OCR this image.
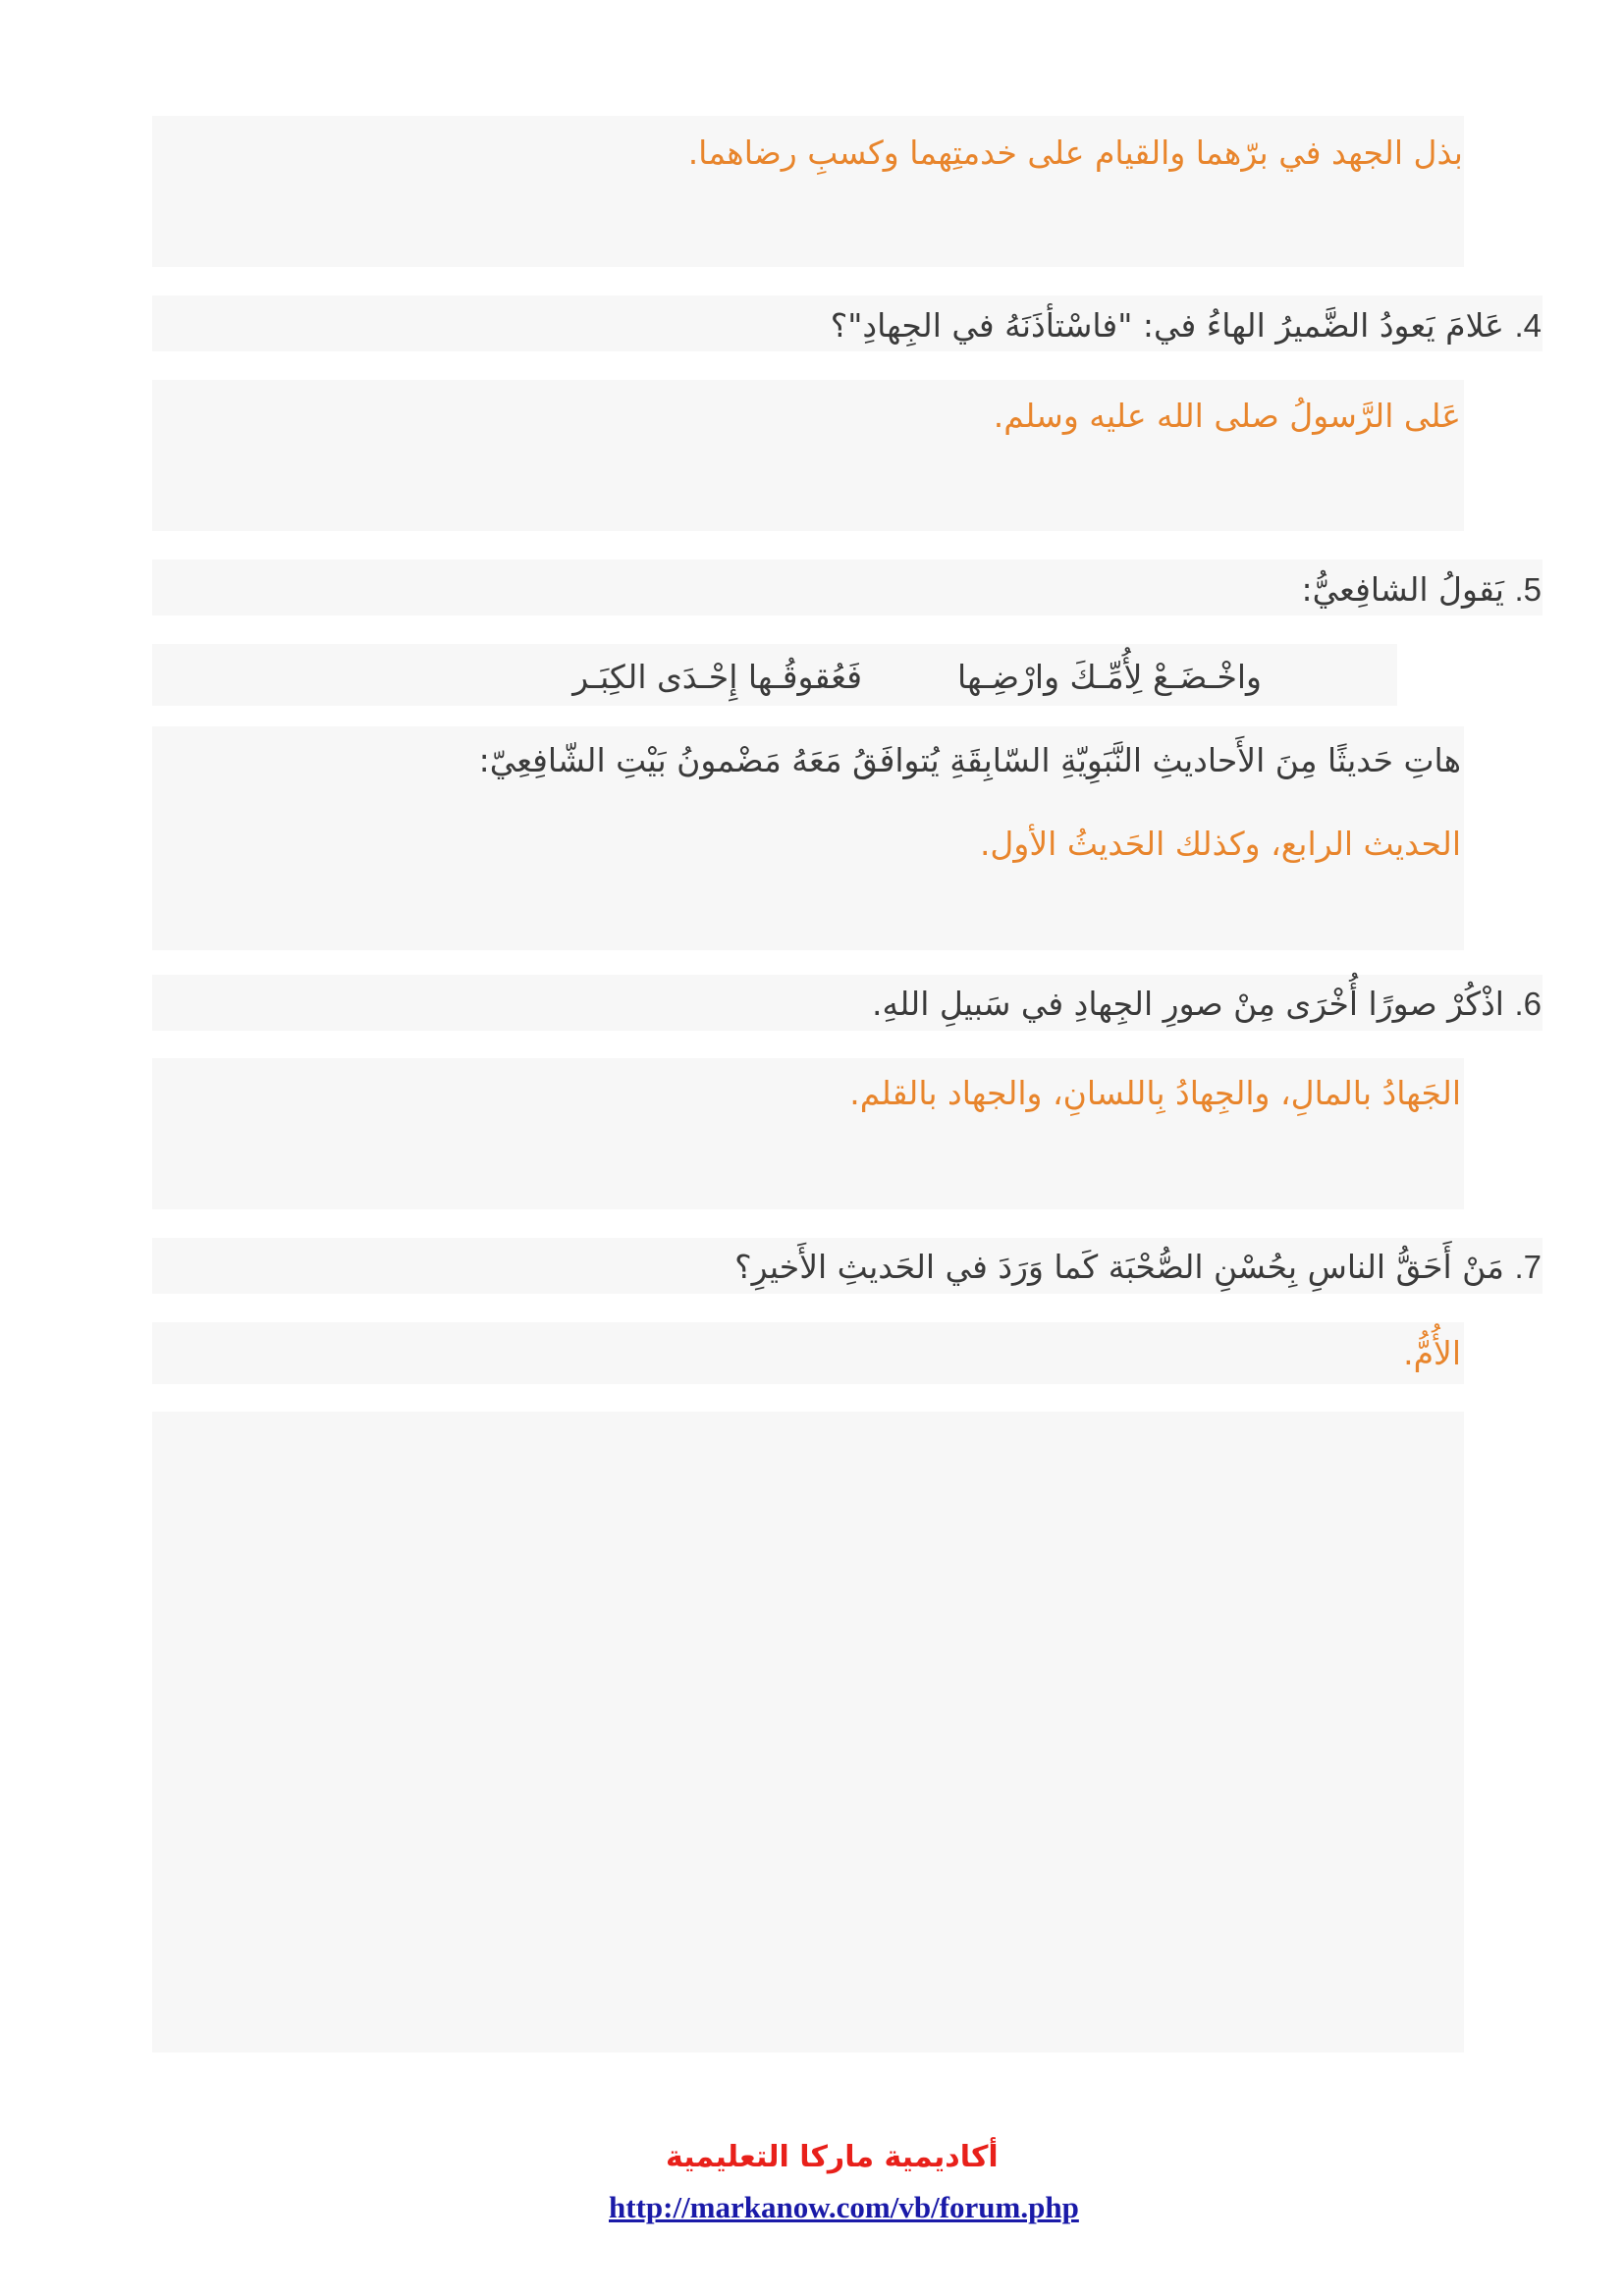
بذل الجهد في برّهما والقيام على خدمتِهما وكسبِ رضاهما.
4. عَلامَ يَعودُ الضَّميرُ الهاءُ في: "فاسْتأذَنَهُ في الجِهادِ"؟
عَلى الرَّسولُ صلى الله عليه وسلم.
5. يَقولُ الشافِعيُّ:
واخْـضَـعْ لِأُمِّـكَ وارْضِـها
فَعُقوقُـها إِحْـدَى الكِبَـر
هاتِ حَديثًا مِنَ الأَحاديثِ النَّبَوِيّةِ السّابِقَةِ يُتوافَقُ مَعَهُ مَضْمونُ بَيْتِ الشّافِعِيّ:
الحديث الرابع، وكذلك الحَديثُ الأول.
6. اذْكُرْ صورًا أُخْرَى مِنْ صورِ الجِهادِ في سَبيلِ اللهِ.
الجَهادُ بالمالِ، والجِهادُ بِاللسانِ، والجهاد بالقلم.
7. مَنْ أَحَقُّ الناسِ بِحُسْنِ الصُّحْبَة كَما وَرَدَ في الحَديثِ الأَخيرِ؟
الأُمُّ.
أكاديمية ماركا التعليمية
http://markanow.com/vb/forum.php
